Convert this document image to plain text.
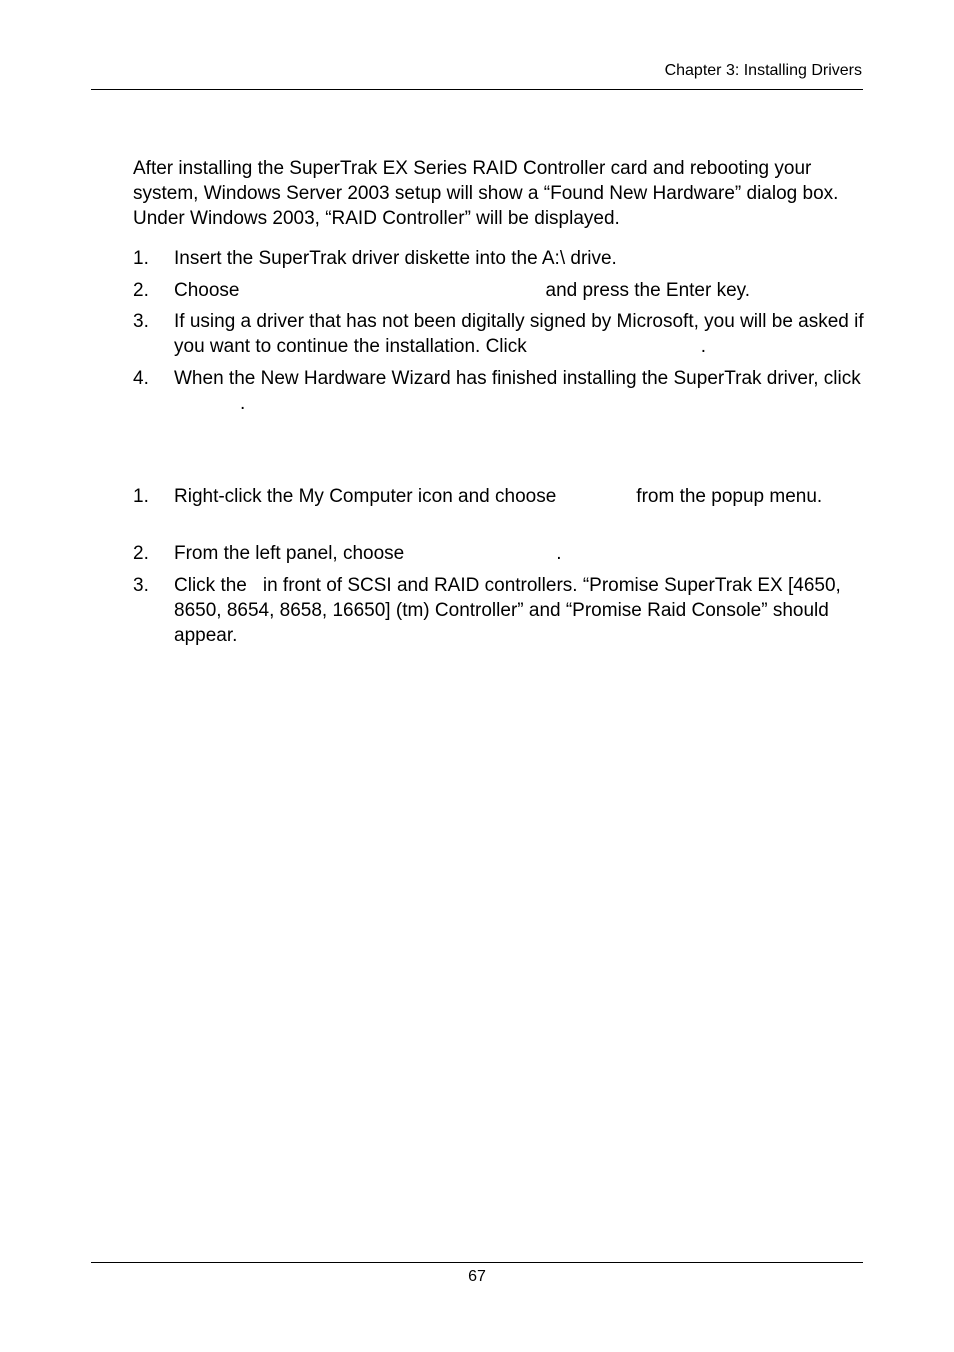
Chapter 3: Installing Drivers

After installing the SuperTrak EX Series RAID Controller card and rebooting your system, Windows Server 2003 setup will show a “Found New Hardware” dialog box. Under Windows 2003, “RAID Controller” will be displayed.

1. Insert the SuperTrak driver diskette into the A:\ drive.
2. Choose	and press the Enter key.
3. If using a driver that has not been digitally signed by Microsoft, you will be asked if you want to continue the installation. Click	.
4. When the New Hardware Wizard has finished installing the SuperTrak driver, click.
1. Right-click the My Computer icon and choose	from the popup menu.
2. From the left panel, choose	.
3. Click the in front of SCSI and RAID controllers. “Promise SuperTrak EX [4650, 8650, 8654, 8658, 16650] (tm) Controller” and “Promise Raid Console” should appear.
67
